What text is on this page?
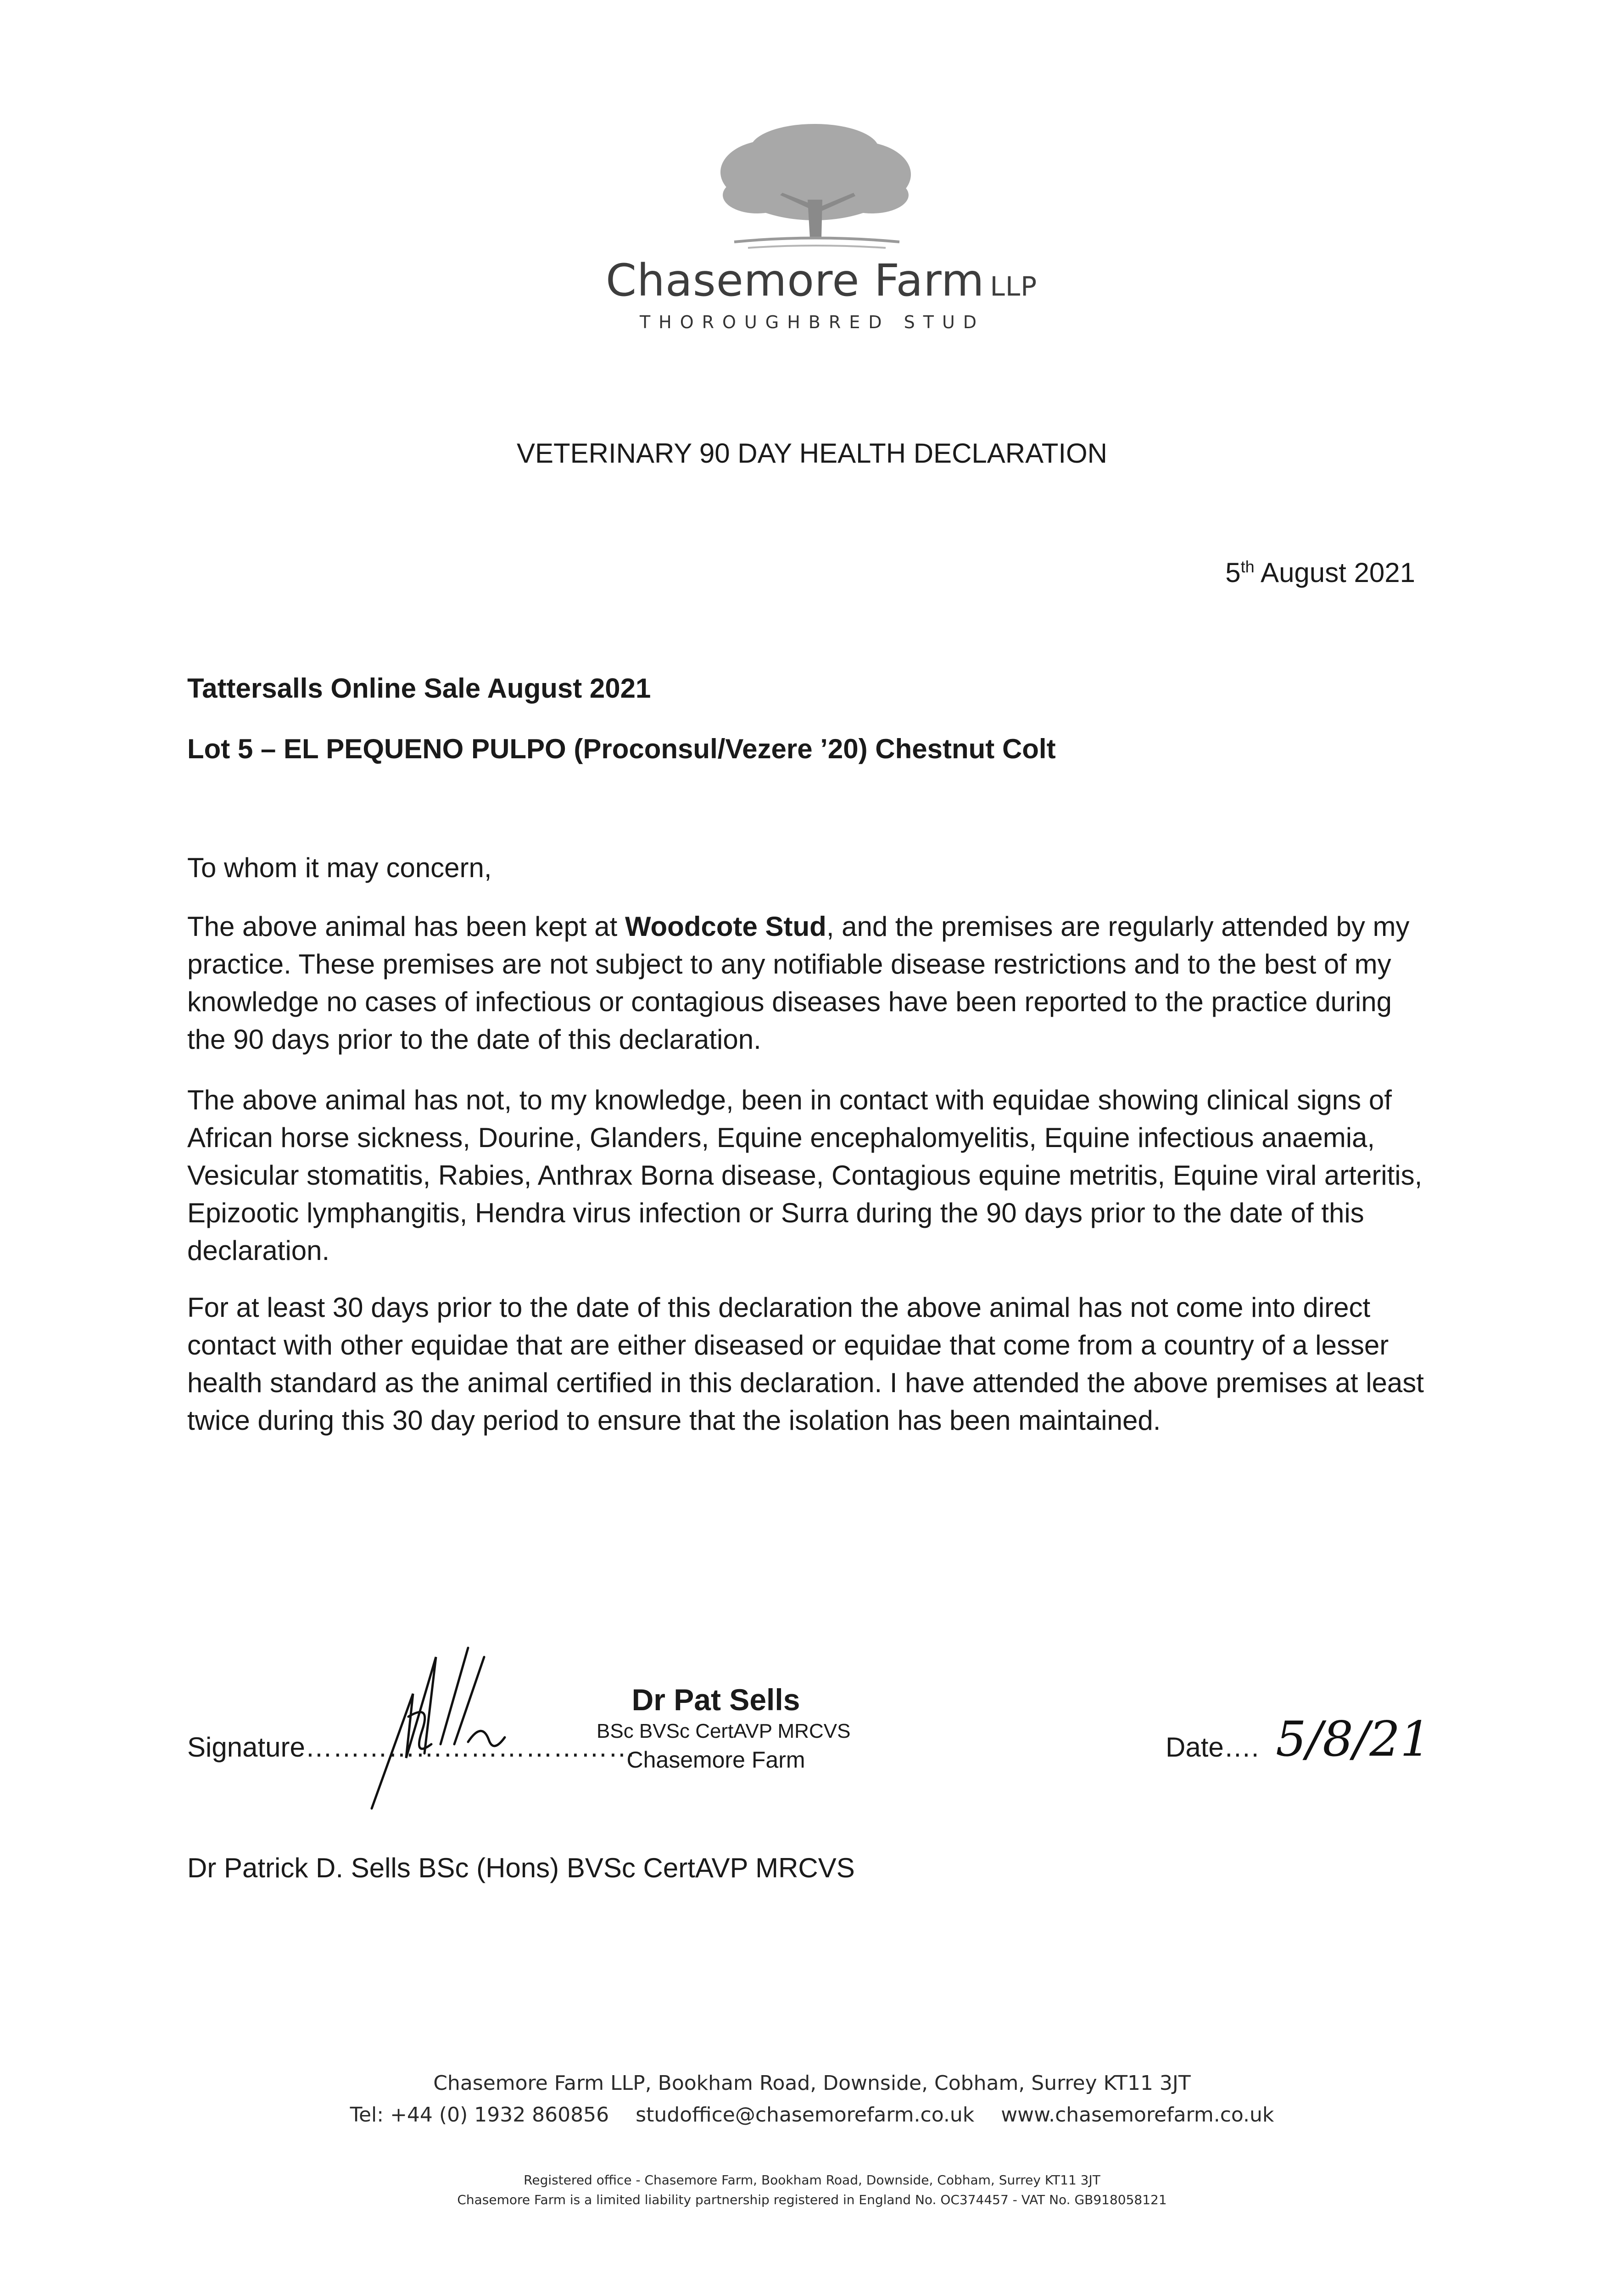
Chasemore Farm LLP
THOROUGHBRED STUD
VETERINARY 90 DAY HEALTH DECLARATION
5th August 2021
Tattersalls Online Sale August 2021
Lot 5 – EL PEQUENO PULPO (Proconsul/Vezere ’20) Chestnut Colt
To whom it may concern,
The above animal has been kept at Woodcote Stud, and the premises are regularly attended by my practice. These premises are not subject to any notifiable disease restrictions and to the best of my knowledge no cases of infectious or contagious diseases have been reported to the practice during the 90 days prior to the date of this declaration.
The above animal has not, to my knowledge, been in contact with equidae showing clinical signs of African horse sickness, Dourine, Glanders, Equine encephalomyelitis, Equine infectious anaemia, Vesicular stomatitis, Rabies, Anthrax Borna disease, Contagious equine metritis, Equine viral arteritis, Epizootic lymphangitis, Hendra virus infection or Surra during the 90 days prior to the date of this declaration.
For at least 30 days prior to the date of this declaration the above animal has not come into direct contact with other equidae that are either diseased or equidae that come from a country of a lesser health standard as the animal certified in this declaration. I have attended the above premises at least twice during this 30 day period to ensure that the isolation has been maintained.
Signature………………………………
Dr Pat Sells
BSc BVSc CertAVP MRCVS
Chasemore Farm	Date…. 5/8/21
Dr Patrick D. Sells BSc (Hons) BVSc CertAVP MRCVS
Chasemore Farm LLP, Bookham Road, Downside, Cobham, Surrey KT11 3JT
Tel: +44 (0) 1932 860856 studoffice@chasemorefarm.co.uk www.chasemorefarm.co.uk
Registered office - Chasemore Farm, Bookham Road, Downside, Cobham, Surrey KT11 3JT
Chasemore Farm is a limited liability partnership registered in England No. OC374457 - VAT No. GB918058121
